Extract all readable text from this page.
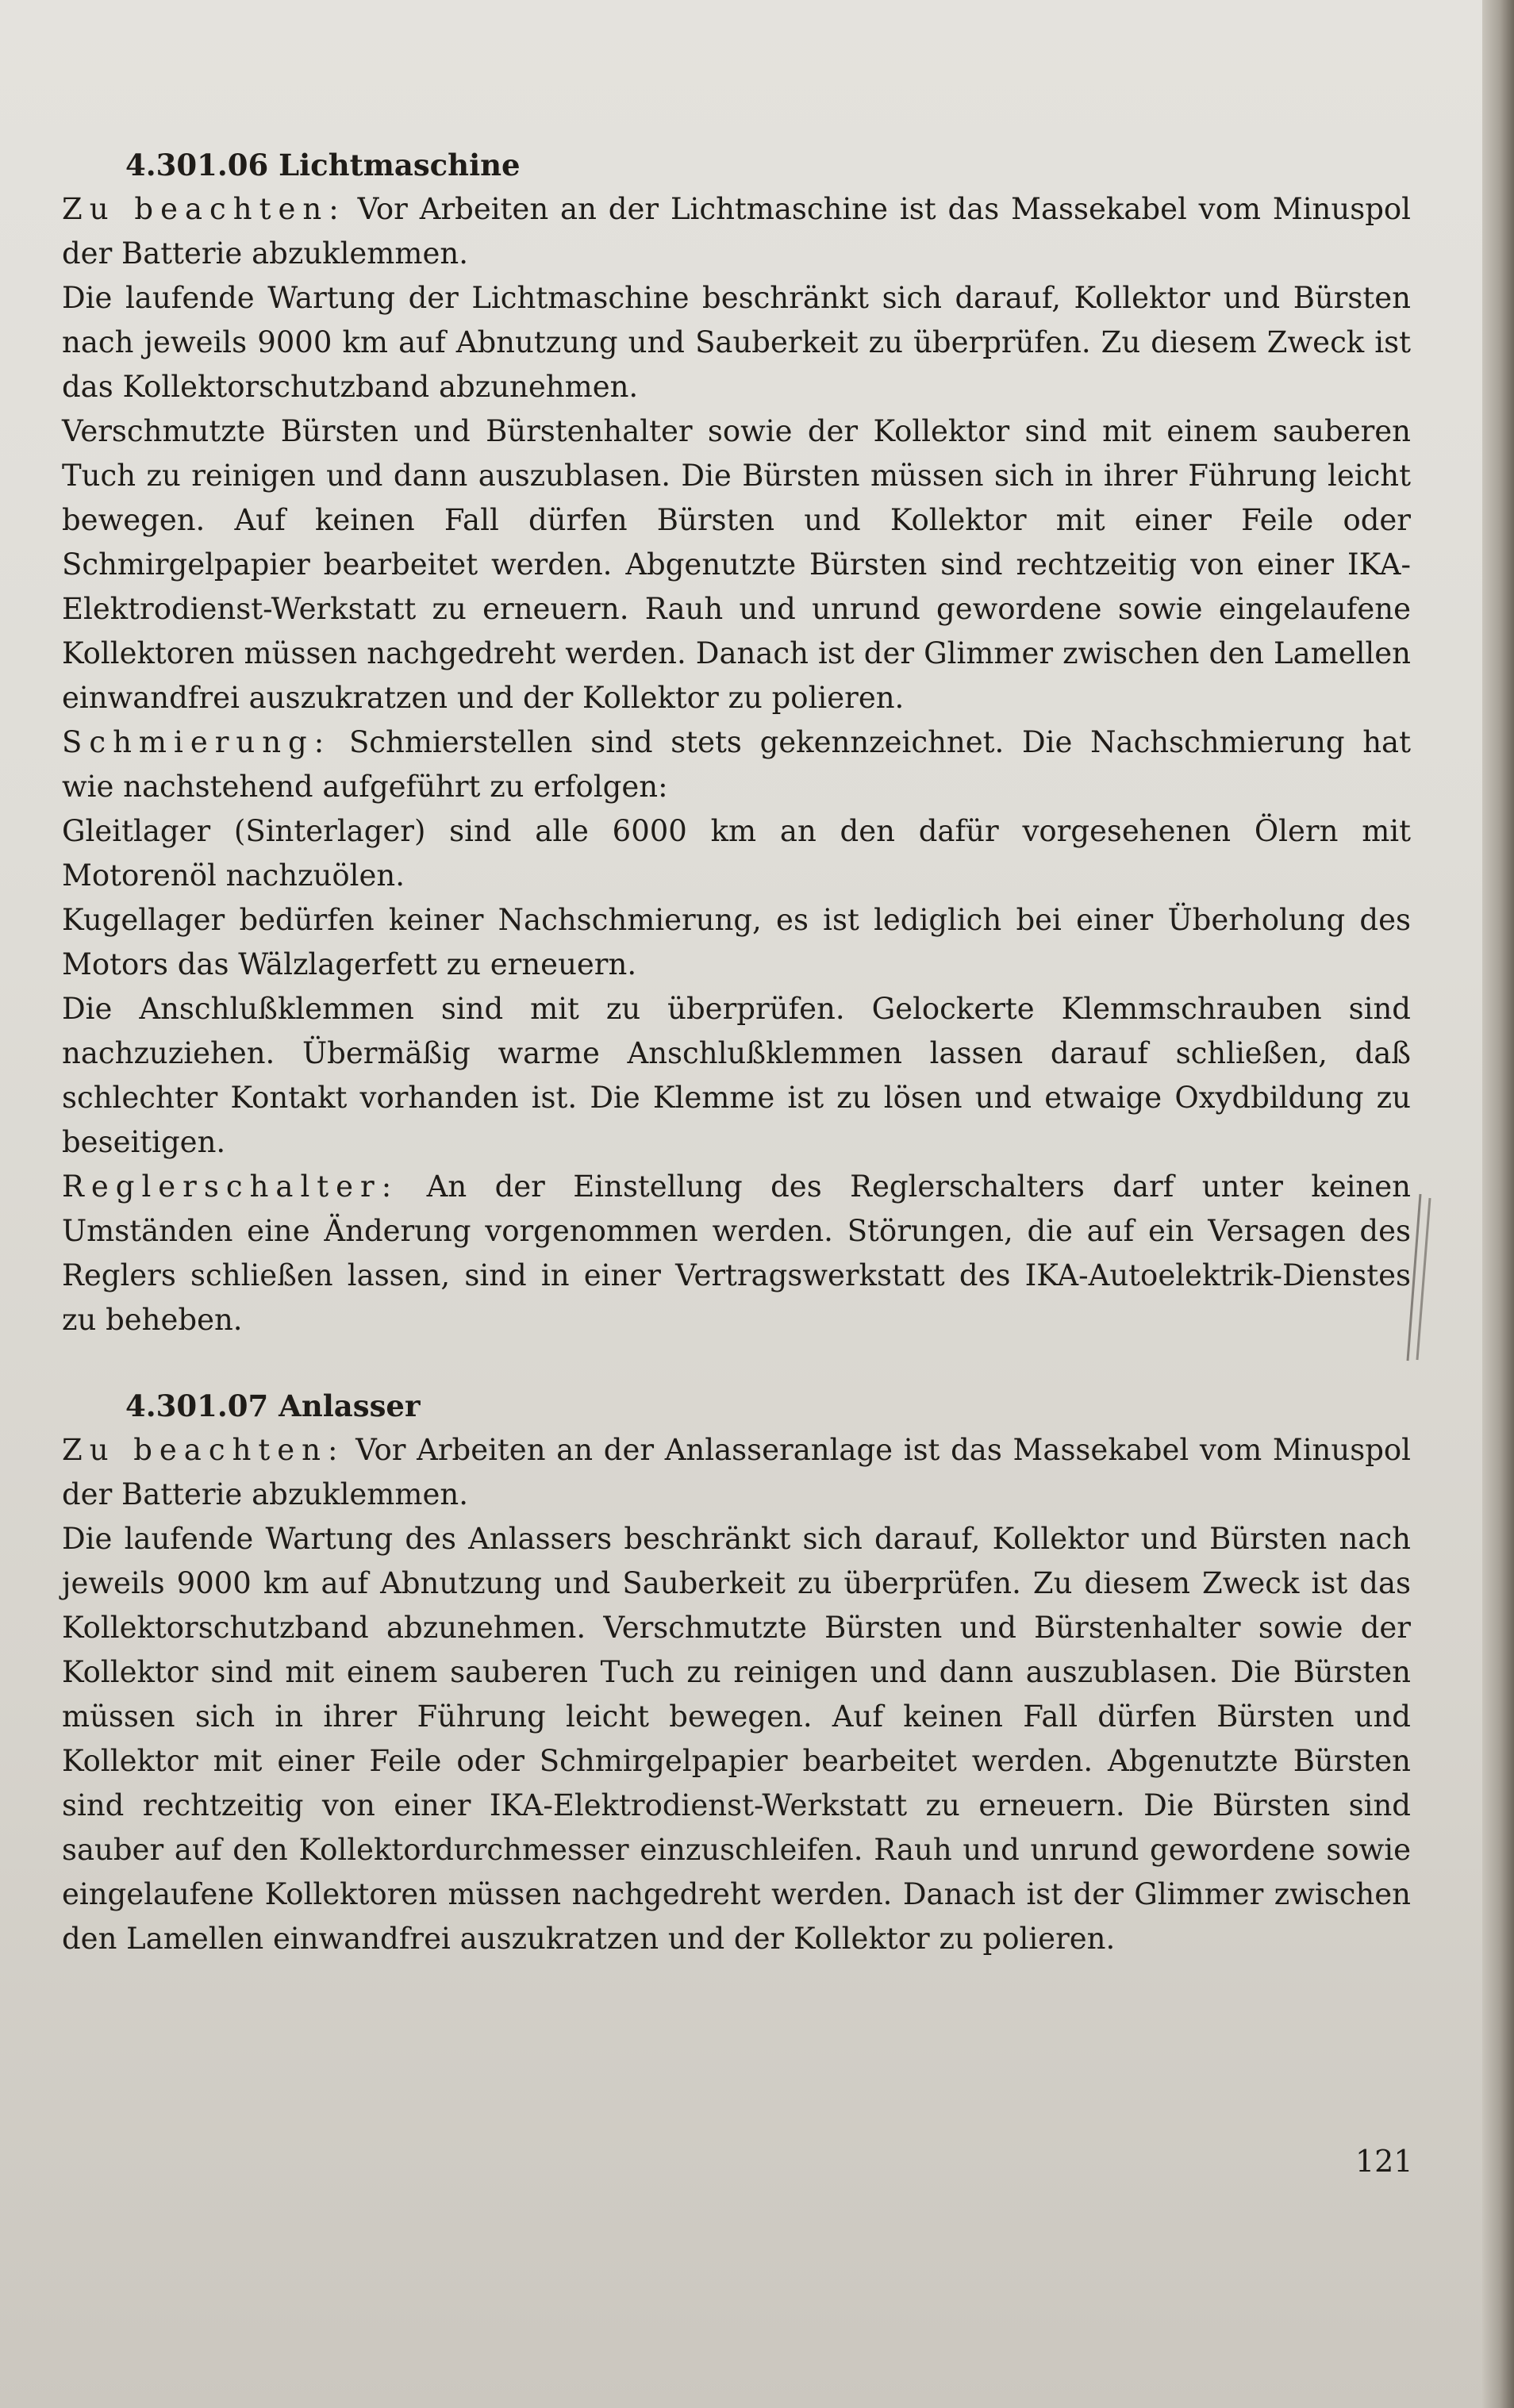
4.301.06 Lichtmaschine

Zu beachten: Vor Arbeiten an der Lichtmaschine ist das Massekabel vom Minuspol der Batterie abzuklemmen.

Die laufende Wartung der Lichtmaschine beschränkt sich darauf, Kollektor und Bürsten nach jeweils 9000 km auf Abnutzung und Sauberkeit zu überprüfen. Zu diesem Zweck ist das Kollektorschutzband abzunehmen.

Verschmutzte Bürsten und Bürstenhalter sowie der Kollektor sind mit einem sauberen Tuch zu reinigen und dann auszublasen. Die Bürsten müssen sich in ihrer Führung leicht bewegen. Auf keinen Fall dürfen Bürsten und Kollektor mit einer Feile oder Schmirgelpapier bearbeitet werden. Abgenutzte Bürsten sind rechtzeitig von einer IKA-Elektrodienst-Werkstatt zu erneuern. Rauh und unrund gewordene sowie eingelaufene Kollektoren müssen nachgedreht werden. Danach ist der Glimmer zwischen den Lamellen einwandfrei auszukratzen und der Kollektor zu polieren.

Schmierung: Schmierstellen sind stets gekennzeichnet. Die Nachschmierung hat wie nachstehend aufgeführt zu erfolgen:

Gleitlager (Sinterlager) sind alle 6000 km an den dafür vorgesehenen Ölern mit Motorenöl nachzuölen.

Kugellager bedürfen keiner Nachschmierung, es ist lediglich bei einer Überholung des Motors das Wälzlagerfett zu erneuern.

Die Anschlußklemmen sind mit zu überprüfen. Gelockerte Klemmschrauben sind nachzuziehen. Übermäßig warme Anschlußklemmen lassen darauf schließen, daß schlechter Kontakt vorhanden ist. Die Klemme ist zu lösen und etwaige Oxydbildung zu beseitigen.

Reglerschalter: An der Einstellung des Reglerschalters darf unter keinen Umständen eine Änderung vorgenommen werden. Störungen, die auf ein Versagen des Reglers schließen lassen, sind in einer Vertragswerkstatt des IKA-Autoelektrik-Dienstes zu beheben.

4.301.07 Anlasser

Zu beachten: Vor Arbeiten an der Anlasseranlage ist das Massekabel vom Minuspol der Batterie abzuklemmen.

Die laufende Wartung des Anlassers beschränkt sich darauf, Kollektor und Bürsten nach jeweils 9000 km auf Abnutzung und Sauberkeit zu überprüfen. Zu diesem Zweck ist das Kollektorschutzband abzunehmen. Verschmutzte Bürsten und Bürstenhalter sowie der Kollektor sind mit einem sauberen Tuch zu reinigen und dann auszublasen. Die Bürsten müssen sich in ihrer Führung leicht bewegen. Auf keinen Fall dürfen Bürsten und Kollektor mit einer Feile oder Schmirgelpapier bearbeitet werden. Abgenutzte Bürsten sind rechtzeitig von einer IKA-Elektrodienst-Werkstatt zu erneuern. Die Bürsten sind sauber auf den Kollektordurchmesser einzuschleifen. Rauh und unrund gewordene sowie eingelaufene Kollektoren müssen nachgedreht werden. Danach ist der Glimmer zwischen den Lamellen einwandfrei auszukratzen und der Kollektor zu polieren.

121
